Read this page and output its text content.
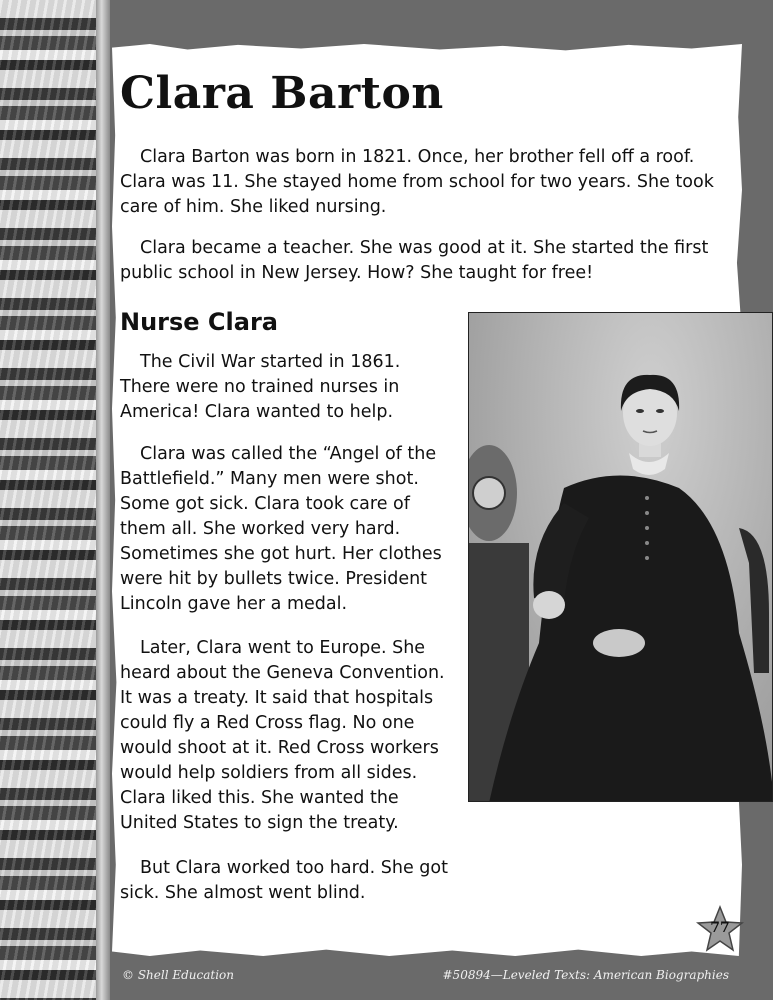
Clara Barton

Clara Barton was born in 1821. Once, her brother fell off a roof. Clara was 11. She stayed home from school for two years. She took care of him. She liked nursing.

Clara became a teacher. She was good at it. She started the first public school in New Jersey. How? She taught for free!

Nurse Clara

The Civil War started in 1861. There were no trained nurses in America! Clara wanted to help.

Clara was called the “Angel of the Battlefield.” Many men were shot. Some got sick. Clara took care of them all. She worked very hard. Sometimes she got hurt. Her clothes were hit by bullets twice. President Lincoln gave her a medal.

Later, Clara went to Europe. She heard about the Geneva Convention. It was a treaty. It said that hospitals could fly a Red Cross flag. No one would shoot at it. Red Cross workers would help soldiers from all sides. Clara liked this. She wanted the United States to sign the treaty.

But Clara worked too hard. She got sick. She almost went blind.

77

© Shell Education	#50894—Leveled Texts: American Biographies
